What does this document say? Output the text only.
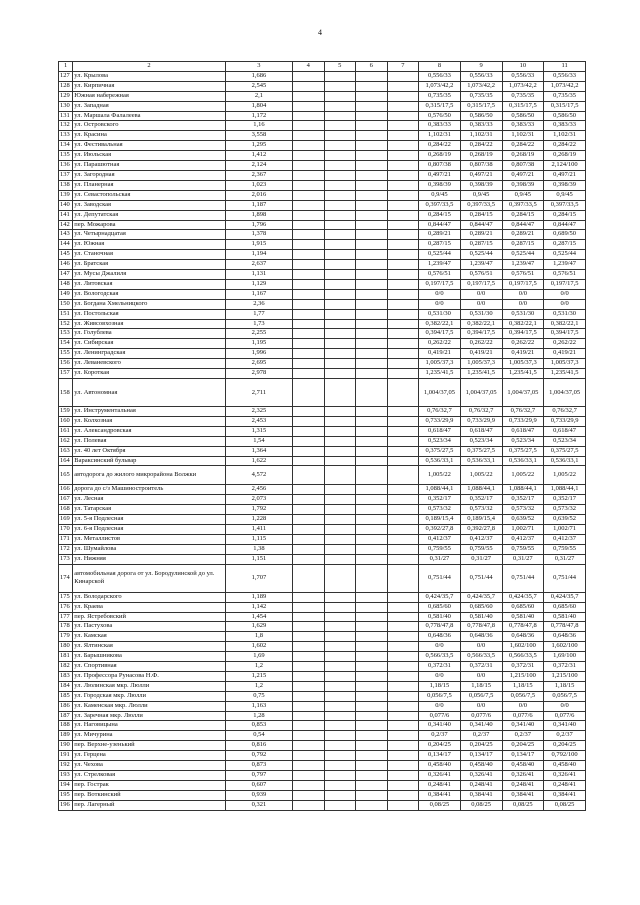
4
1	2	3	4	5	6	7	8	9	10	11
127	ул. Крылова	1,686					0,556/33	0,556/33	0,556/33	0,556/33
128	ул. Кирпичная	2,545					1,073/42,2	1,073/42,2	1,073/42,2	1,073/42,2
129	Южная набережная	2,1					0,735/35	0,735/35	0,735/35	0,735/35
130	ул. Западная	1,804					0,315/17,5	0,315/17,5	0,315/17,5	0,315/17,5
131	ул. Маршала Фалалеева	1,172					0,576/50	0,586/50	0,586/50	0,586/50
132	ул. Островского	1,16					0,383/33	0,383/33	0,383/33	0,383/33
133	ул. Красина	3,558					1,102/31	1,102/31	1,102/31	1,102/31
134	ул. Фестивальная	1,295					0,284/22	0,284/22	0,284/22	0,284/22
135	ул. Июльская	1,412					0,268/19	0,268/19	0,268/19	0,268/19
136	ул. Парашютная	2,124					0,807/38	0,807/38	0,807/38	2,124/100
137	ул. Загородная	2,367					0,497/21	0,497/21	0,497/21	0,497/21
138	ул. Планерная	1,023					0,398/39	0,398/39	0,398/39	0,398/39
139	ул. Севастопольская	2,016					0,9/45	0,9/45	0,9/45	0,9/45
140	ул. Заводская	1,187					0,397/33,5	0,397/33,5	0,397/33,5	0,397/33,5
141	ул. Депутатская	1,898					0,284/15	0,284/15	0,284/15	0,284/15
142	пер. Можарова	1,796					0,844/47	0,844/47	0,844/47	0,844/47
143	ул. Четырнадцатая	1,378					0,289/21	0,289/21	0,289/21	0,689/50
144	ул. Южная	1,915					0,287/15	0,287/15	0,287/15	0,287/15
145	ул. Станочная	1,194					0,525/44	0,525/44	0,525/44	0,525/44
146	ул. Братская	2,637					1,239/47	1,239/47	1,239/47	1,239/47
147	ул. Мусы Джалиля	1,131					0,576/51	0,576/51	0,576/51	0,576/51
148	ул. Литовская	1,129					0,197/17,5	0,197/17,5	0,197/17,5	0,197/17,5
149	ул. Вологодская	1,167					0/0	0/0	0/0	0/0
150	ул. Богдана Хмельницкого	2,36					0/0	0/0	0/0	0/0
151	ул. Постольская	1,77					0,531/30	0,531/30	0,531/30	0,531/30
152	ул. Живсовхозная	1,73					0,382/22,1	0,382/22,1	0,382/22,1	0,382/22,1
153	ул. Голублева	2,255					0,394/17,5	0,394/17,5	0,394/17,5	0,394/17,5
154	ул. Сибирская	1,195					0,262/22	0,262/22	0,262/22	0,262/22
155	ул. Ленинградская	1,996					0,419/21	0,419/21	0,419/21	0,419/21
156	ул. Леваневского	2,695					1,005/37,3	1,005/37,3	1,005/37,3	1,005/37,3
157	ул. Короткая	2,978					1,235/41,5	1,235/41,5	1,235/41,5	1,235/41,5
158	ул. Автономная	2,711					1,004/37,05	1,004/37,05	1,004/37,05	1,004/37,05
159	ул. Инструментальная	2,325					0,76/32,7	0,76/32,7	0,76/32,7	0,76/32,7
160	ул. Колхозная	2,453					0,733/29,9	0,733/29,9	0,733/29,9	0,733/29,9
161	ул. Александровская	1,315					0,618/47	0,618/47	0,618/47	0,618/47
162	ул. Полевая	1,54					0,523/34	0,523/34	0,523/34	0,523/34
163	ул. 40 лет Октября	1,364					0,375/27,5	0,375/27,5	0,375/27,5	0,375/27,5
164	Вараксинский бульвар	1,622					0,536/33,1	0,536/33,1	0,536/33,1	0,536/33,1
165	автодорога до жилого микрорайона Волжки	4,572					1,005/22	1,005/22	1,005/22	1,005/22
166	дорога до с/з Машиностроитель	2,456					1,088/44,1	1,088/44,1	1,088/44,1	1,088/44,1
167	ул. Лесная	2,073					0,352/17	0,352/17	0,352/17	0,352/17
168	ул. Татарская	1,792					0,573/32	0,573/32	0,573/32	0,573/32
169	ул. 5-я Подлесная	1,228					0,189/15,4	0,189/15,4	0,639/52	0,639/52
170	ул. 6-я Подлесная	1,411					0,392/27,8	0,392/27,8	1,002/71	1,002/71
171	ул. Металлистов	1,115					0,412/37	0,412/37	0,412/37	0,412/37
172	ул. Шумайлова	1,38					0,759/55	0,759/55	0,759/55	0,759/55
173	ул. Нижняя	1,151					0,31/27	0,31/27	0,31/27	0,31/27
174	автомобильная дорога от ул. Бородулинской до ул. Кинарской	1,707					0,751/44	0,751/44	0,751/44	0,751/44
175	ул. Володарского	1,189					0,424/35,7	0,424/35,7	0,424/35,7	0,424/35,7
176	ул. Краева	1,142					0,685/60	0,685/60	0,685/60	0,685/60
177	пер. Ястребовский	1,454					0,581/40	0,581/40	0,581/40	0,581/40
178	ул. Пастухова	1,629					0,778/47,8	0,778/47,8	0,778/47,8	0,778/47,8
179	ул. Камская	1,8					0,648/36	0,648/36	0,648/36	0,648/36
180	ул. Ялтинская	1,602					0/0	0/0	1,602/100	1,602/100
181	ул. Барышникова	1,69					0,566/33,5	0,566/33,5	0,566/33,5	1,69/100
182	ул. Спортивная	1,2					0,372/31	0,372/31	0,372/31	0,372/31
183	ул. Профессора Рунасова Н.Ф.	1,215					0/0	0/0	1,215/100	1,215/100
184	ул. Люлинская мкр. Люлли	1,2					1,18/15	1,18/15	1,18/15	1,18/15
185	ул. Городская мкр. Люлли	0,75					0,056/7,5	0,056/7,5	0,056/7,5	0,056/7,5
186	ул. Каменская мкр. Люлли	1,163					0/0	0/0	0/0	0/0
187	ул. Заречная мкр. Люлли	1,28					0,077/6	0,077/6	0,077/6	0,077/6
188	ул. Наговицына	0,853					0,341/40	0,341/40	0,341/40	0,341/40
189	ул. Мичурина	0,54					0,2/37	0,2/37	0,2/37	0,2/37
190	пер. Верхне-узенький	0,816					0,204/25	0,204/25	0,204/25	0,204/25
191	ул. Герцена	0,792					0,134/17	0,134/17	0,134/17	0,792/100
192	ул. Чехова	0,873					0,458/40	0,458/40	0,458/40	0,458/40
193	ул. Стрелковая	0,797					0,326/41	0,326/41	0,326/41	0,326/41
194	пер. Гострак	0,607					0,248/41	0,248/41	0,248/41	0,248/41
195	пер. Воткинский	0,939					0,384/41	0,384/41	0,384/41	0,384/41
196	пер. Лагерный	0,321					0,08/25	0,08/25	0,08/25	0,08/25
